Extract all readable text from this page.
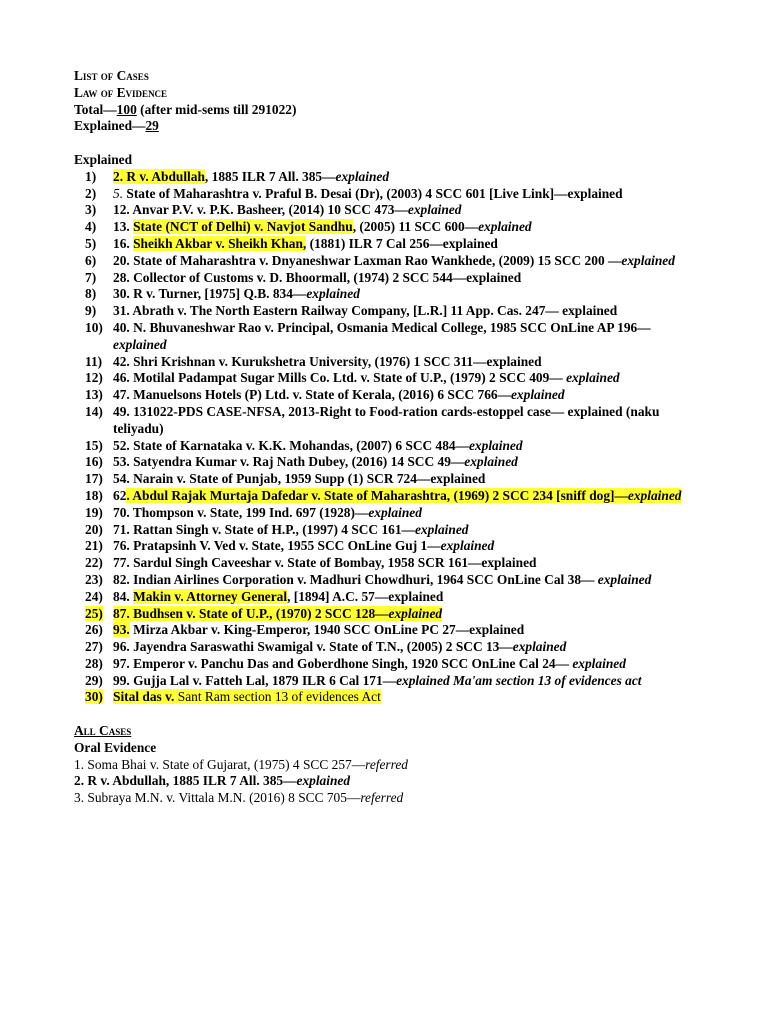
List of Cases
Law of Evidence
Total—100 (after mid-sems till 291022)
Explained—29
Explained
1)	2. R v. Abdullah, 1885 ILR 7 All. 385—explained
2)	5. State of Maharashtra v. Praful B. Desai (Dr), (2003) 4 SCC 601 [Live Link]—explained
3)	12. Anvar P.V. v. P.K. Basheer, (2014) 10 SCC 473—explained
4)	13. State (NCT of Delhi) v. Navjot Sandhu, (2005) 11 SCC 600—explained
5)	16. Sheikh Akbar v. Sheikh Khan, (1881) ILR 7 Cal 256—explained
6)	20. State of Maharashtra v. Dnyaneshwar Laxman Rao Wankhede, (2009) 15 SCC 200 —explained
7)	28. Collector of Customs v. D. Bhoormall, (1974) 2 SCC 544—explained
8)	30. R v. Turner, [1975] Q.B. 834—explained
9)	31. Abrath v. The North Eastern Railway Company, [L.R.] 11 App. Cas. 247— explained
10) 40. N. Bhuvaneshwar Rao v. Principal, Osmania Medical College, 1985 SCC OnLine AP 196—explained
11) 42. Shri Krishnan v. Kurukshetra University, (1976) 1 SCC 311—explained
12) 46. Motilal Padampat Sugar Mills Co. Ltd. v. State of U.P., (1979) 2 SCC 409— explained
13) 47. Manuelsons Hotels (P) Ltd. v. State of Kerala, (2016) 6 SCC 766—explained
14) 49. 131022-PDS CASE-NFSA, 2013-Right to Food-ration cards-estoppel case— explained (naku teliyadu)
15) 52. State of Karnataka v. K.K. Mohandas, (2007) 6 SCC 484—explained
16) 53. Satyendra Kumar v. Raj Nath Dubey, (2016) 14 SCC 49—explained
17) 54. Narain v. State of Punjab, 1959 Supp (1) SCR 724—explained
18) 62. Abdul Rajak Murtaja Dafedar v. State of Maharashtra, (1969) 2 SCC 234 [sniff dog]—explained
19) 70. Thompson v. State, 199 Ind. 697 (1928)—explained
20) 71. Rattan Singh v. State of H.P., (1997) 4 SCC 161—explained
21) 76. Pratapsinh V. Ved v. State, 1955 SCC OnLine Guj 1—explained
22) 77. Sardul Singh Caveeshar v. State of Bombay, 1958 SCR 161—explained
23) 82. Indian Airlines Corporation v. Madhuri Chowdhuri, 1964 SCC OnLine Cal 38— explained
24) 84. Makin v. Attorney General, [1894] A.C. 57—explained
25) 87. Budhsen v. State of U.P., (1970) 2 SCC 128—explained
26) 93. Mirza Akbar v. King-Emperor, 1940 SCC OnLine PC 27—explained
27) 96. Jayendra Saraswathi Swamigal v. State of T.N., (2005) 2 SCC 13—explained
28) 97. Emperor v. Panchu Das and Goberdhone Singh, 1920 SCC OnLine Cal 24— explained
29) 99. Gujja Lal v. Fatteh Lal, 1879 ILR 6 Cal 171—explained Ma'am section 13 of evidences act
30) Sital das v. Sant Ram section 13 of evidences Act
All Cases
Oral Evidence

1. Soma Bhai v. State of Gujarat, (1975) 4 SCC 257—referred

2. R v. Abdullah, 1885 ILR 7 All. 385—explained

3. Subraya M.N. v. Vittala M.N. (2016) 8 SCC 705—referred
